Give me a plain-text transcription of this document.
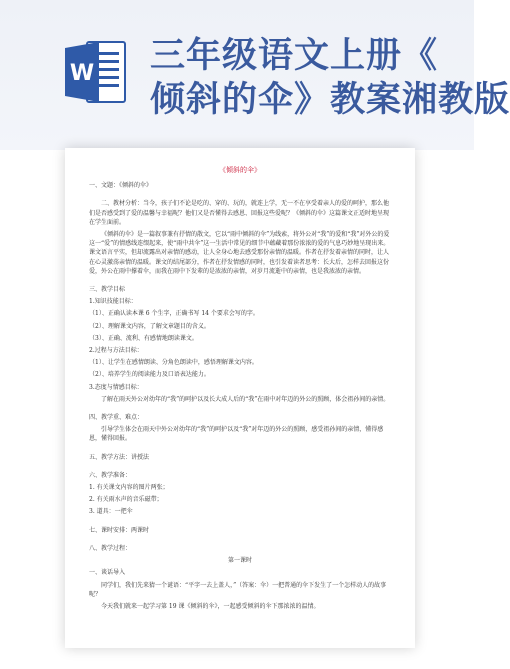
W 三年级语文上册《
倾斜的伞》教案湘教版
《倾斜的伞》
一、文题：《倾斜的伞》
二、教材分析：当今，孩子们不论是吃的、穿的、玩的，就连上学，无一不在享受着亲人的爱的呵护，那么他们是否感受到了爱的温馨与幸福呢？他们又是否懂得去感恩、回报这些爱呢？《倾斜的伞》这篇课文正适时地呈现在学生面前。
《倾斜的伞》是一篇叙事兼有抒情的散文，它以“雨中倾斜的伞”为线索，将外公对“我”的爱和“我”对外公的爱这一“爱”的情感线连缀起来，使“雨中共伞”这一生活中常见的细节中蕴藏着那份浓浓的爱的气息巧妙地呈现出来。课文语言平实，但却流露出对亲情的感动，让人全身心地去感受那份亲情的温暖。作者在抒发着亲情的同时，让人在心灵激荡亲情的温暖。课文的结尾部分，作者在抒发情感的同时，也引发着读者思考：长大后，怎样去回报这份爱，外公在雨中撑着伞，而我在雨中下发辈的是浓浓的亲情，对岁月流逝中的亲情，也是我浓浓的亲情。
三、教学目标
1.知识技能目标：
（1）、正确认读本课 6 个生字，正确书写 14 个要求会写的字。
（2）、理解课文内容，了解文章题目的含义。
（3）、正确、流利、有感情地朗读课文。
2.过程与方法目标：
（1）、让学生在感情朗读、分角色朗读中，感悟理解课文内容。
（2）、培养学生的阅读能力及口语表达能力。
3.态度与情感目标：
了解在雨天外公对幼年的“我”的呵护以及长大成人后的“我”在雨中对年迈的外公的照顾，体会祖孙间的亲情。
四、教学重、难点：
引导学生体会在雨天中外公对幼年的“我”的呵护以及“我”对年迈的外公的照顾，感受祖孙间的亲情，懂得感恩，懂得回报。
五、教学方法：讲授法
六、教学准备：
1. 有关课文内容的图片两张；
2. 有关雨水声的音乐磁带；
3. 道具：一把伞
七、课时安排：两课时
八、教学过程：
第一课时
一、谈话导入
同学们，我们先来猜一个谜语：“平字一去上盖人，”（答案：伞）一把普通的伞下发生了一个怎样动人的故事呢？
今天我们就来一起学习第 19 课《倾斜的伞》，一起感受倾斜的伞下那浓浓的温情。
